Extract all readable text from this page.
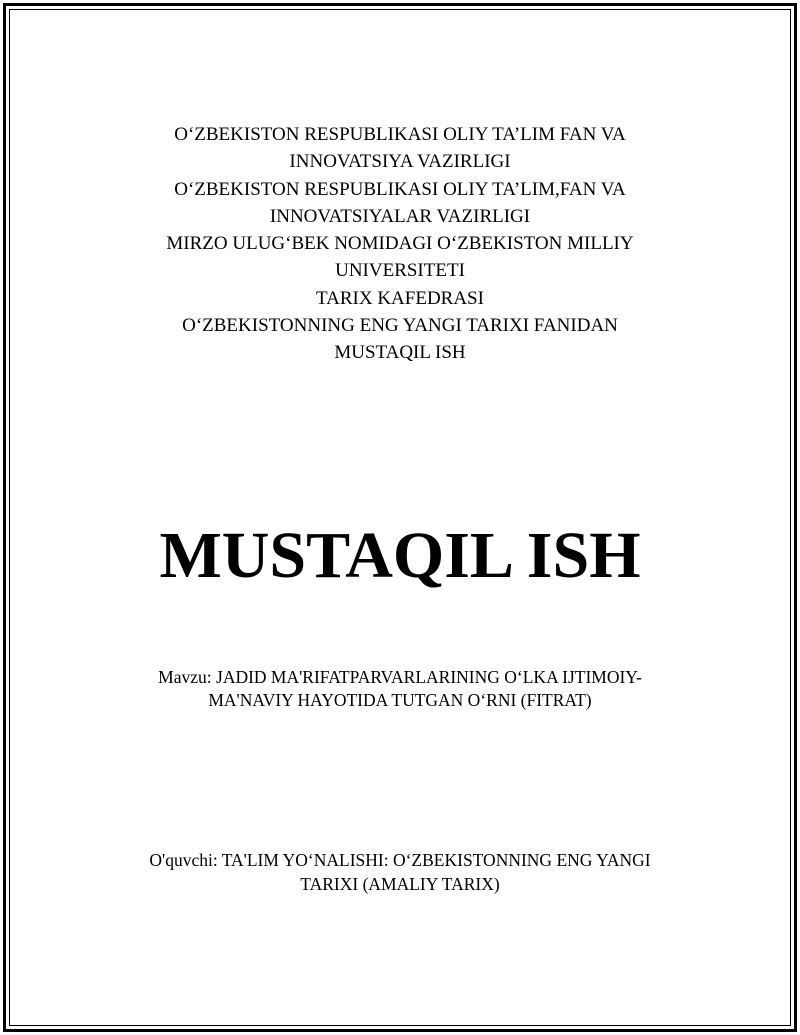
O‘ZBEKISTON RESPUBLIKASI OLIY TA’LIM FAN VA
INNOVATSIYA VAZIRLIGI
O‘ZBEKISTON RESPUBLIKASI OLIY TA’LIM,FAN VA
INNOVATSIYALAR VAZIRLIGI
MIRZO ULUG‘BEK NOMIDAGI O‘ZBEKISTON MILLIY
UNIVERSITETI
TARIX KAFEDRASI
O‘ZBEKISTONNING ENG YANGI TARIXI FANIDAN
MUSTAQIL ISH
MUSTAQIL ISH
Mavzu: JADID MA'RIFATPARVARLARINING O‘LKA IJTIMOIY-
MA'NAVIY HAYOTIDA TUTGAN O‘RNI (FITRAT)
O'quvchi: TA'LIM YO‘NALISHI: O‘ZBEKISTONNING ENG YANGI
TARIXI (AMALIY TARIX)
